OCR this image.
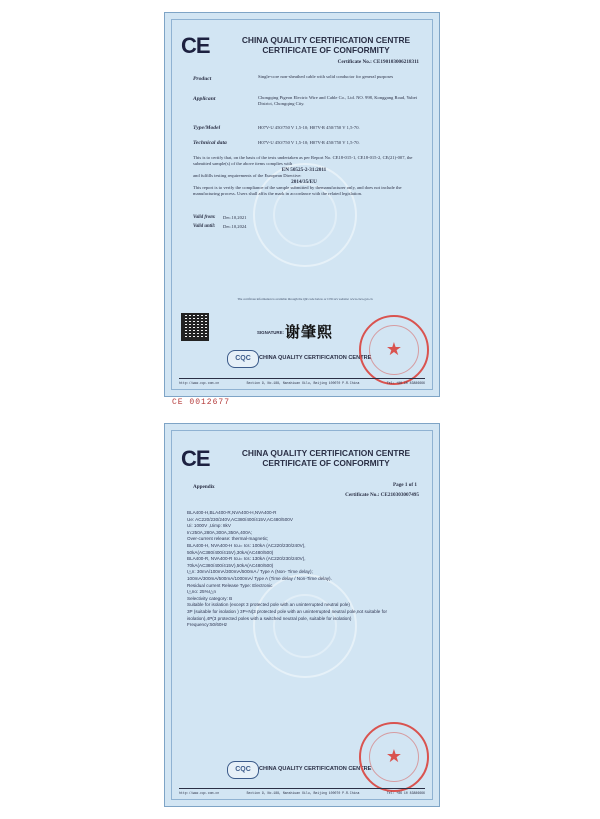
CE	CHINA QUALITY CERTIFICATION CENTRE
CERTIFICATE OF CONFORMITY
Certificate No.: CE190103006218311
Product	Single-core non-sheathed cable with solid conductor for general purposes
Applicant	Chongqing Pigeon Electric Wire and Cable Co., Ltd. NO. 998, Konggang Road, Yubei District, Chongqing City.
Type/Model	H07V-U 450/750 V 1,5-10; H07V-R 450/750 V 1,5-70.
Technical data	H07V-U 450/750 V 1,5-10; H07V-R 450/750 V 1,5-70.
This is to certify that, on the basis of the tests undertaken as per Report No. CE18-015-1, CE18-015-2, CE(21)-007, the submitted sample(s) of the above items complies with
EN 50525-2-31:2011
and fulfills testing requirements of the European Directive:
2014/35/EU
This report is to verify the compliance of the sample submitted by themanufacturer only, and does not include the manufacturing process. Users shall affix the mark in accordance with the related legislation.
Valid from: Dec.10,2021
Valid until: Dec.10,2024
The certificate information is available through the QR code below or CNCA's website: www.cnca.gov.cn
SIGNATURE: 谢肇熙
CQC	CHINA QUALITY CERTIFICATION CENTRE ★
http://www.cqc.com.cn	Section 9, No.188, Nanshiuan Xilu, Beijing 100070 P.R.China	Tel: +86 10 83886666
CE 0012677
CE	CHINA QUALITY CERTIFICATION CENTRE
CERTIFICATE OF CONFORMITY
Appendix	Page 1 of 1
Certificate No.: CE210303007495
BLA400-H,BLA400-R,NVA400-H,NVA400-R
Ue: AC220/230/240V,AC380/400/415V,AC480/500V
Ui: 1000V ,Uimp: 8kV
In:250A,280A,300A,350A,400A;
Over-current release: thermal-magnetic;
BLA400-H, NVA400-H Icu= Ics: 100kA (AC220/230/240V),
50kA(AC380/400/415V),30kA(AC480/500)
BLA400-R, NVA400-R Icu= Ics: 130kA (AC220/230/240V),
70kA(AC380/400/415V),50kA(AC480/500)
I△n: 30mA/100mA/300mA/500mA / Type A (Non- Time delay);
100mA/300mA/500mA/1000mA/ Type A (Time delay / Non-Time delay).
Residual current Release Type: Electronic
I△no: 25%I△n
Selectivity category: B
Suitable for isolation (except 3 protected pole with an uninterrupted neutral pole)
3P (suitable for isolation ) 3P+N(3 protected pole with an uninterrupted neutral pole,not suitable for
isolation),4P(3 protected poles with a switched neutral pole, suitable for isolation)
Frequency:50/60Hz
CQC	CHINA QUALITY CERTIFICATION CENTRE
★
http://www.cqc.com.cn	Section 9, No.188, Nanshiuan Xilu, Beijing 100070 P.R.China	Tel: +86 10 83886666
